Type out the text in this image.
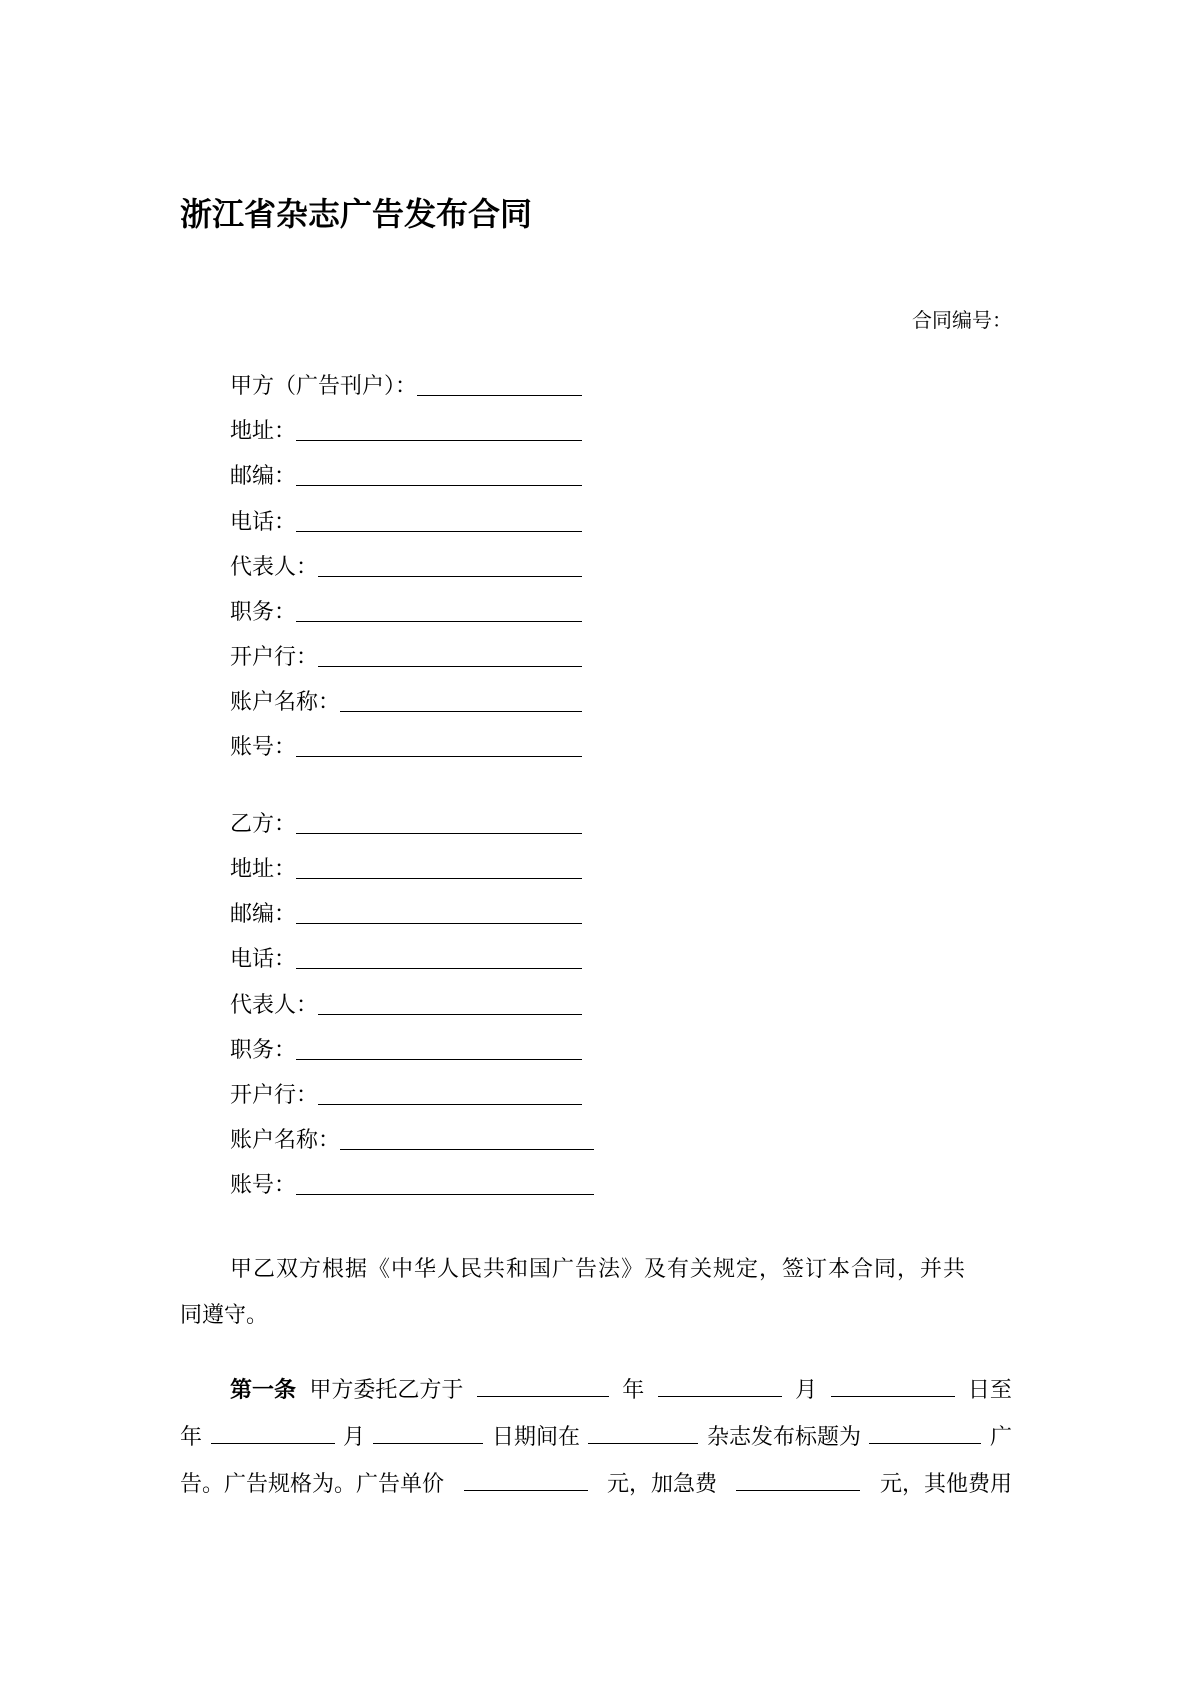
浙江省杂志广告发布合同
合同编号：
甲方（广告刊户）：
地址：
邮编：
电话：
代表人：
职务：
开户行：
账户名称：
账号：
乙方：
地址：
邮编：
电话：
代表人：
职务：
开户行：
账户名称：
账号：
甲乙双方根据《中华人民共和国广告法》及有关规定，签订本合同，并共
同遵守。
第一条 甲方委托乙方于	年	月	日至
年	月	日期间在	杂志发布标题为	广
告。广告规格为。广告单价	元，加急费	元，其他费用
